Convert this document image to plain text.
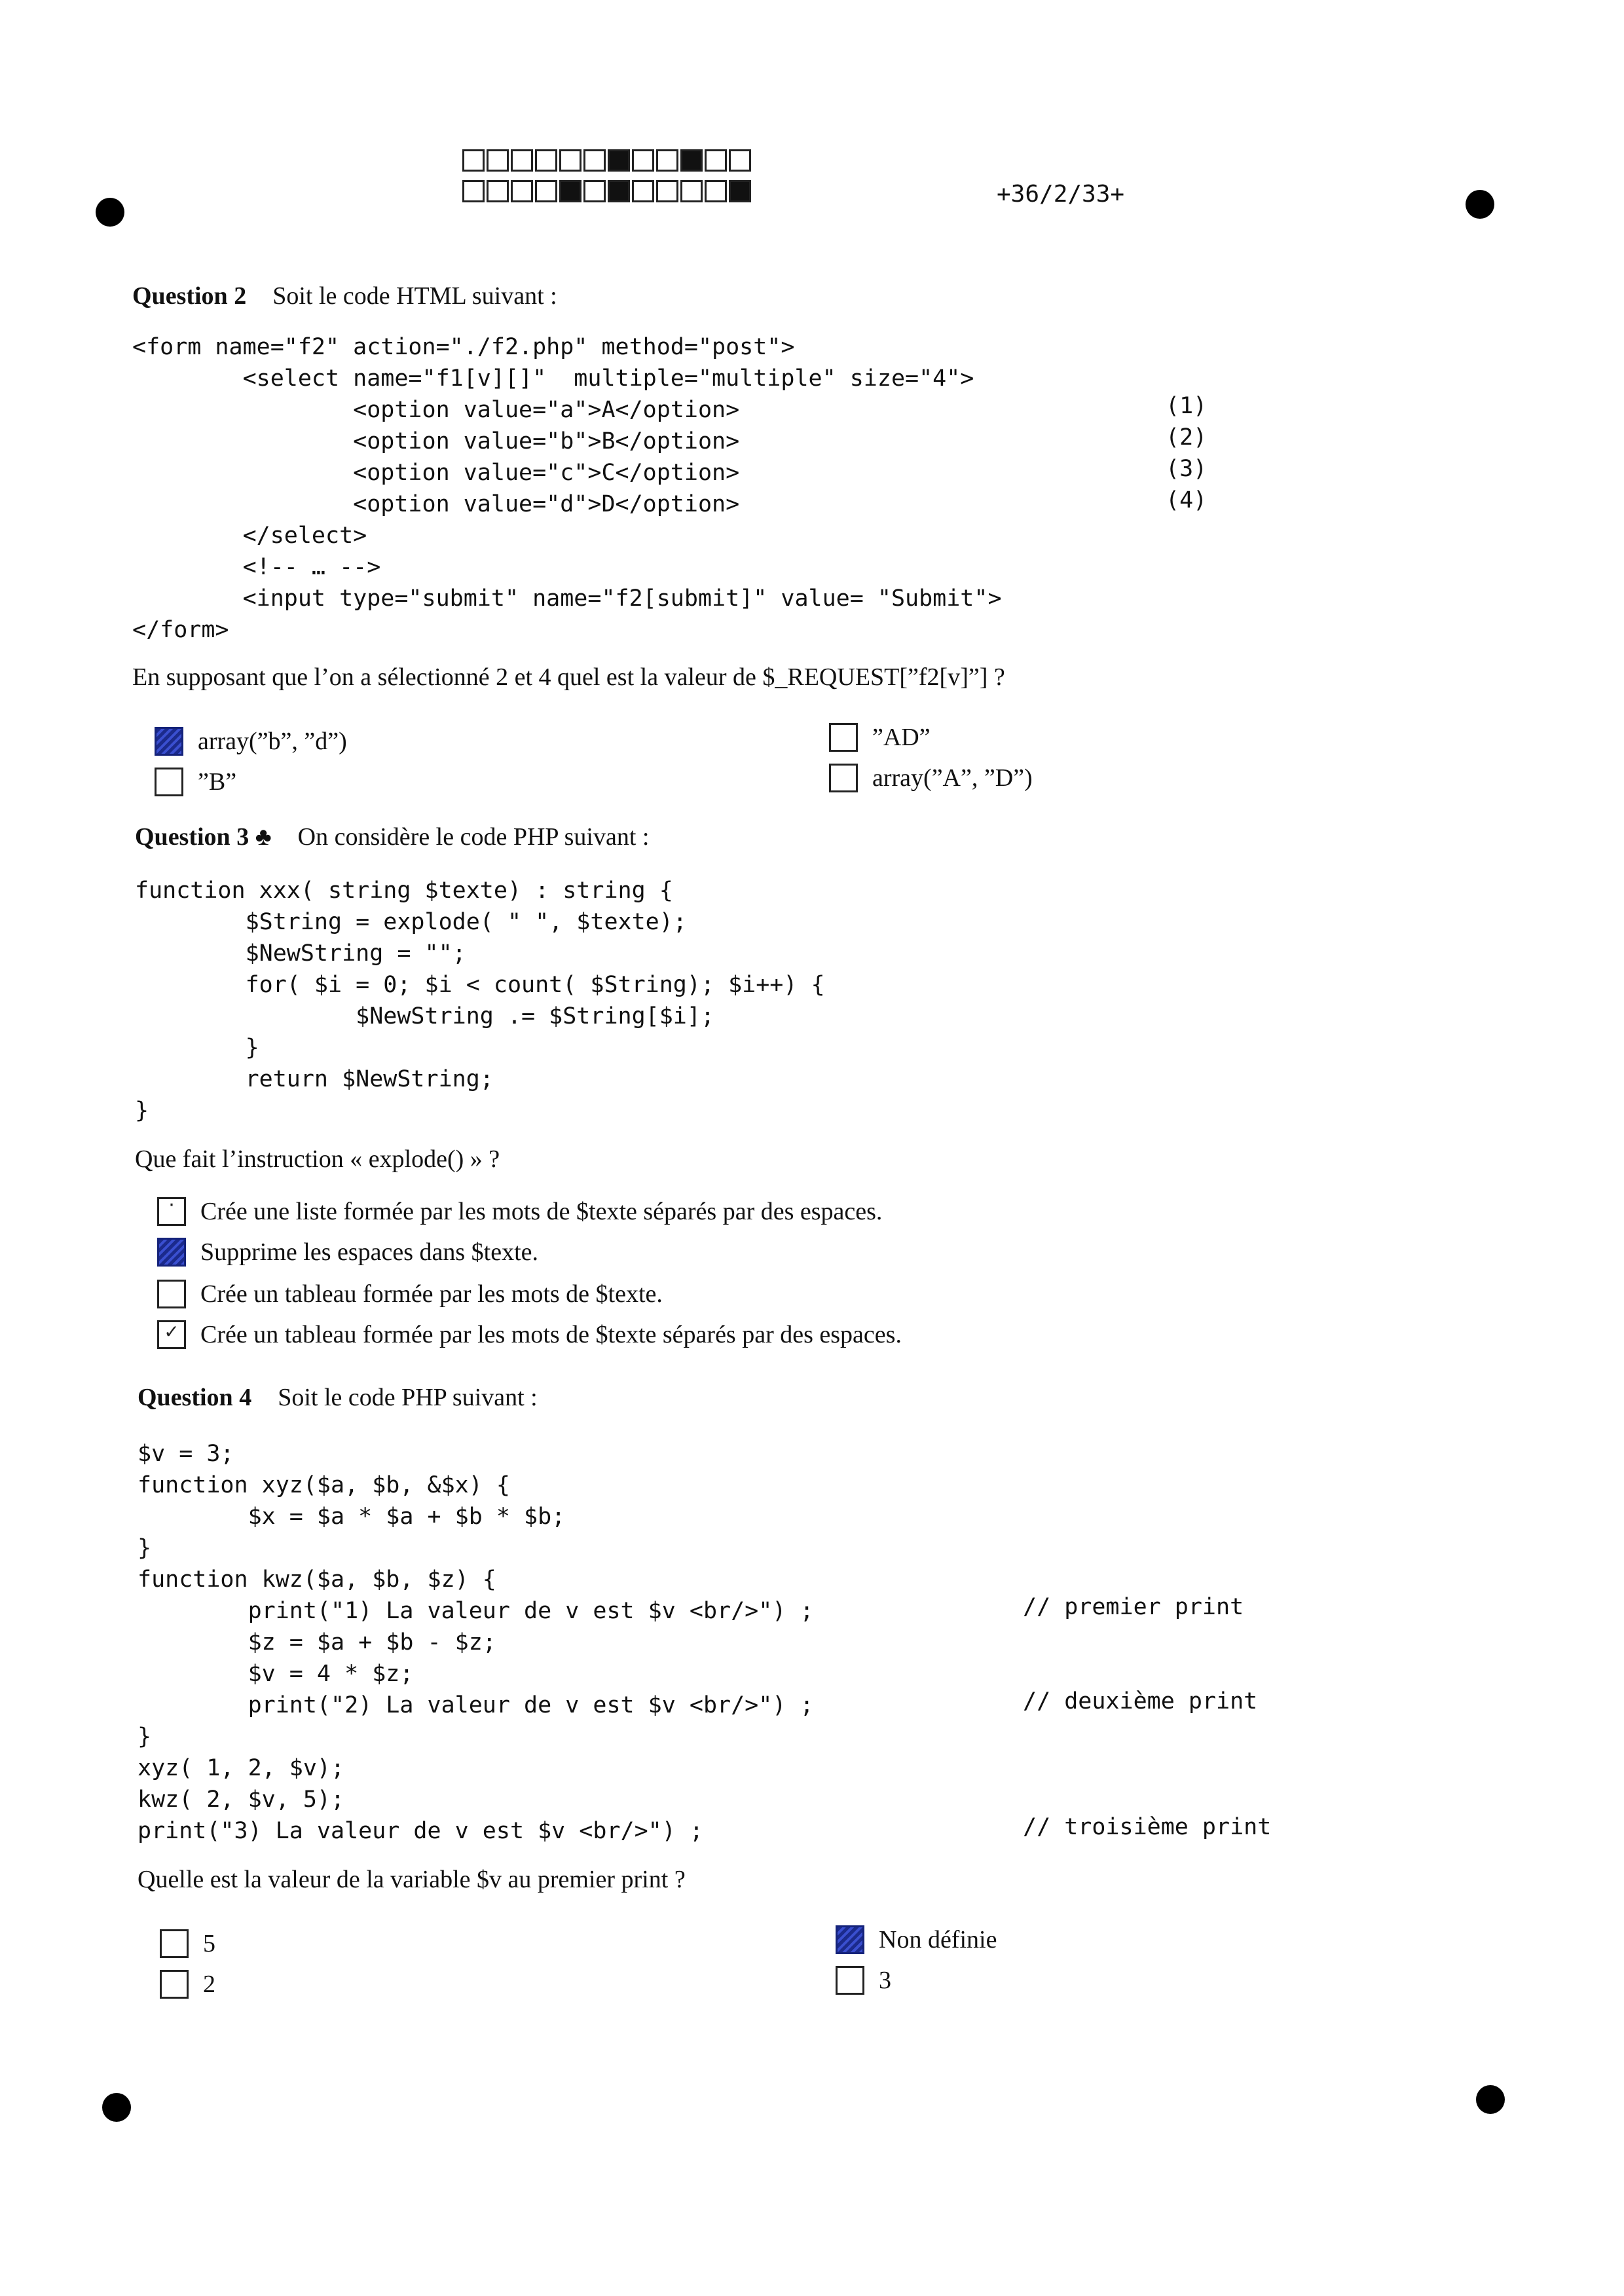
+36/2/33+
Question 2 Soit le code HTML suivant :
<form name="f2" action="./f2.php" method="post">
<select name="f1[v][]"  multiple="multiple" size="4">
<option value="a">A</option>
<option value="b">B</option>
<option value="c">C</option>
<option value="d">D</option>
</select>
<!-- … -->
<input type="submit" name="f2[submit]" value= "Submit">
</form>
(1)
(2)
(3)
(4)
En supposant que l’on a sélectionné 2 et 4 quel est la valeur de $_REQUEST[”f2[v]”] ?
array(”b”, ”d”)
”B”
”AD”
array(”A”, ”D”)
Question 3 ♣ On considère le code PHP suivant :
function xxx( string $texte) : string {
$String = explode( " ", $texte);
$NewString = "";
for( $i = 0; $i < count( $String); $i++) {
$NewString .= $String[$i];
}
return $NewString;
}
Que fait l’instruction « explode() » ?
·	Crée une liste formée par les mots de $texte séparés par des espaces.
Supprime les espaces dans $texte.
Crée un tableau formée par les mots de $texte.
✓ Crée un tableau formée par les mots de $texte séparés par des espaces.
Question 4 Soit le code PHP suivant :
$v = 3;
function xyz($a, $b, &$x) {
$x = $a * $a + $b * $b;
}
function kwz($a, $b, $z) {
print("1) La valeur de v est $v <br/>") ;
$z = $a + $b - $z;
$v = 4 * $z;
print("2) La valeur de v est $v <br/>") ;
}
xyz( 1, 2, $v);
kwz( 2, $v, 5);
print("3) La valeur de v est $v <br/>") ;
// premier print
// deuxième print
// troisième print
Quelle est la valeur de la variable $v au premier print ?
5
2
Non définie
3
